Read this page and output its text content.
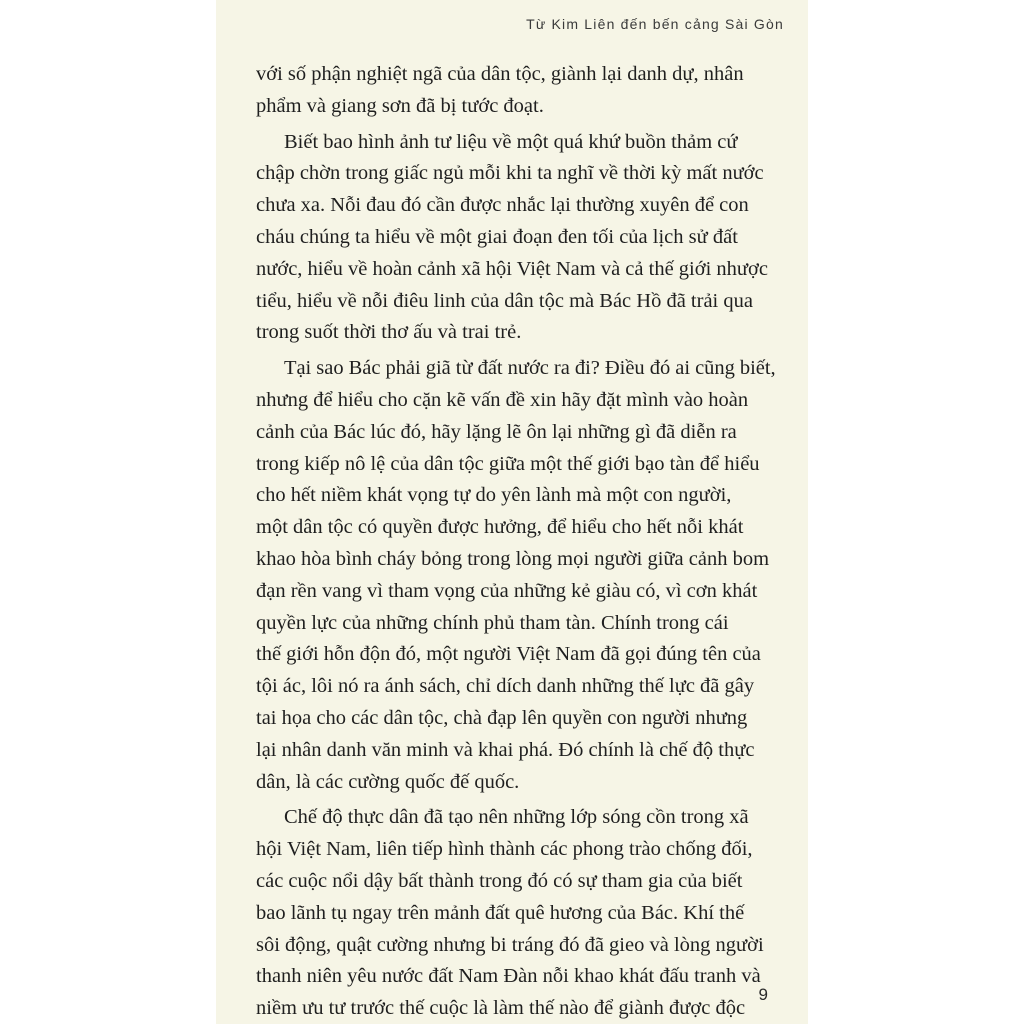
Từ Kim Liên đến bến cảng Sài Gòn
với số phận nghiệt ngã của dân tộc, giành lại danh dự, nhân
phẩm và giang sơn đã bị tước đoạt.
Biết bao hình ảnh tư liệu về một quá khứ buồn thảm cứ
chập chờn trong giấc ngủ mỗi khi ta nghĩ về thời kỳ mất nước
chưa xa. Nỗi đau đó cần được nhắc lại thường xuyên để con
cháu chúng ta hiểu về một giai đoạn đen tối của lịch sử đất
nước, hiểu về hoàn cảnh xã hội Việt Nam và cả thế giới nhược
tiểu, hiểu về nỗi điêu linh của dân tộc mà Bác Hồ đã trải qua
trong suốt thời thơ ấu và trai trẻ.
Tại sao Bác phải giã từ đất nước ra đi? Điều đó ai cũng biết,
nhưng để hiểu cho cặn kẽ vấn đề xin hãy đặt mình vào hoàn
cảnh của Bác lúc đó, hãy lặng lẽ ôn lại những gì đã diễn ra
trong kiếp nô lệ của dân tộc giữa một thế giới bạo tàn để hiểu
cho hết niềm khát vọng tự do yên lành mà một con người,
một dân tộc có quyền được hưởng, để hiểu cho hết nỗi khát
khao hòa bình cháy bỏng trong lòng mọi người giữa cảnh bom
đạn rền vang vì tham vọng của những kẻ giàu có, vì cơn khát
quyền lực của những chính phủ tham tàn. Chính trong cái
thế giới hỗn độn đó, một người Việt Nam đã gọi đúng tên của
tội ác, lôi nó ra ánh sách, chỉ dích danh những thế lực đã gây
tai họa cho các dân tộc, chà đạp lên quyền con người nhưng
lại nhân danh văn minh và khai phá. Đó chính là chế độ thực
dân, là các cường quốc đế quốc.
Chế độ thực dân đã tạo nên những lớp sóng cồn trong xã
hội Việt Nam, liên tiếp hình thành các phong trào chống đối,
các cuộc nổi dậy bất thành trong đó có sự tham gia của biết
bao lãnh tụ ngay trên mảnh đất quê hương của Bác. Khí thế
sôi động, quật cường nhưng bi tráng đó đã gieo và lòng người
thanh niên yêu nước đất Nam Đàn nỗi khao khát đấu tranh và
niềm ưu tư trước thế cuộc là làm thế nào để giành được độc
9
